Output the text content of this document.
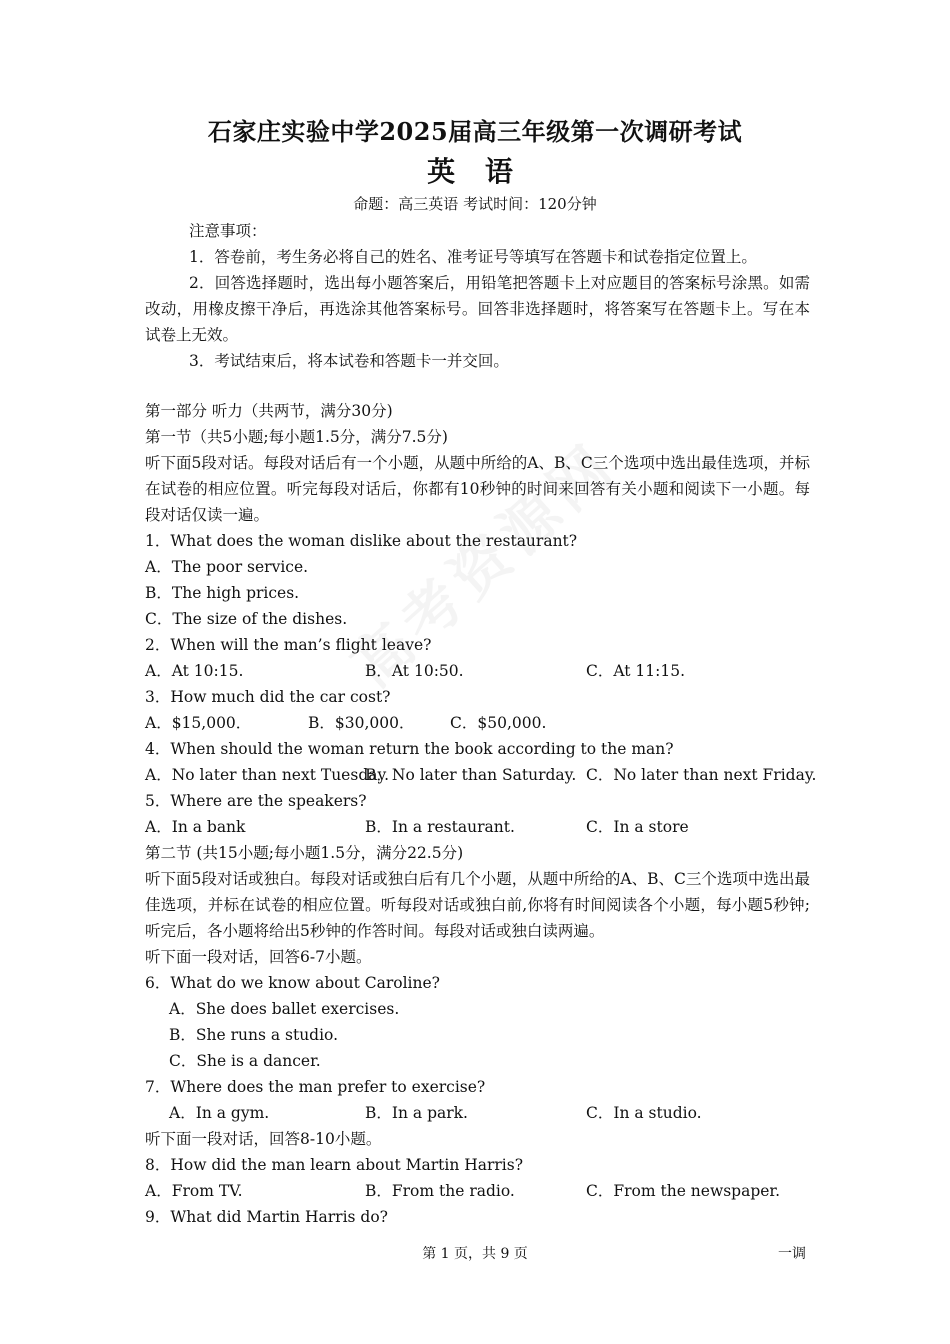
石家庄实验中学2025届高三年级第一次调研考试
英 语
命题：高三英语 考试时间：120分钟
注意事项：
1．答卷前，考生务必将自己的姓名、准考证号等填写在答题卡和试卷指定位置上。
2．回答选择题时，选出每小题答案后，用铅笔把答题卡上对应题目的答案标号涂黑。如需改动，用橡皮擦干净后，再选涂其他答案标号。回答非选择题时，将答案写在答题卡上。写在本试卷上无效。
3．考试结束后，将本试卷和答题卡一并交回。
第一部分 听力（共两节，满分30分)
第一节（共5小题;每小题1.5分，满分7.5分)
听下面5段对话。每段对话后有一个小题，从题中所给的A、B、C三个选项中选出最佳选项，并标在试卷的相应位置。听完每段对话后，你都有10秒钟的时间来回答有关小题和阅读下一小题。每段对话仅读一遍。
1．What does the woman dislike about the restaurant?
A．The poor service.
B．The high prices.
C．The size of the dishes.
2．When will the man’s flight leave?
A．At 10:15.	B．At 10:50.	C．At 11:15.
3．How much did the car cost?
A．$15,000．	B．$30,000． C．$50,000.
4．When should the woman return the book according to the man?
A．No later than next Tuesday.
B．No later than Saturday. C．No later than next Friday.
5．Where are the speakers?
A．In a bank	B．In a restaurant.	C．In a store
第二节 (共15小题;每小题1.5分，满分22.5分)
听下面5段对话或独白。每段对话或独白后有几个小题，从题中所给的A、B、C三个选项中选出最佳选项，并标在试卷的相应位置。听每段对话或独白前,你将有时间阅读各个小题，每小题5秒钟;听完后，各小题将给出5秒钟的作答时间。每段对话或独白读两遍。
听下面一段对话，回答6-7小题。
6．What do we know about Caroline?
A．She does ballet exercises.
B．She runs a studio.
C．She is a dancer.
7．Where does the man prefer to exercise?
A．In a gym.	B．In a park.	C．In a studio.
听下面一段对话，回答8-10小题。
8．How did the man learn about Martin Harris?
A．From TV.	B．From the radio.	C．From the newspaper.
9．What did Martin Harris do?
第 1 页，共 9 页	一调
